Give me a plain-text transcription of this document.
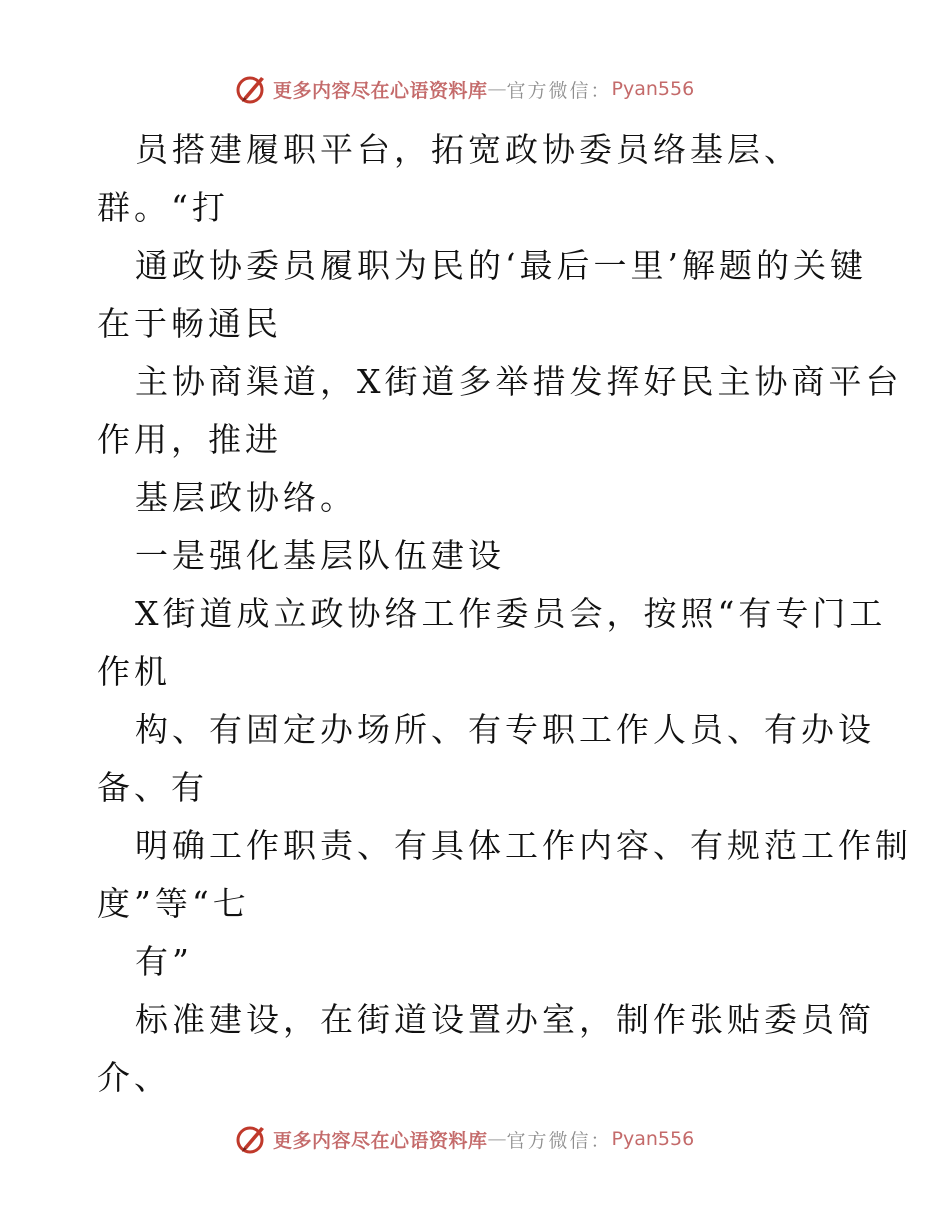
更多内容尽在心语资料库 — 官方微信： Pyan556
员搭建履职平台，拓宽政协委员络基层、
群。“打
通政协委员履职为民的‘最后一里’解题的关键
在于畅通民
主协商渠道，X街道多举措发挥好民主协商平台
作用，推进
基层政协络。
一是强化基层队伍建设
X街道成立政协络工作委员会，按照“有专门工
作机
构、有固定办场所、有专职工作人员、有办设
备、有
明确工作职责、有具体工作内容、有规范工作制
度”等“七
有”
标准建设，在街道设置办室，制作张贴委员简
介、
更多内容尽在心语资料库 — 官方微信： Pyan556
